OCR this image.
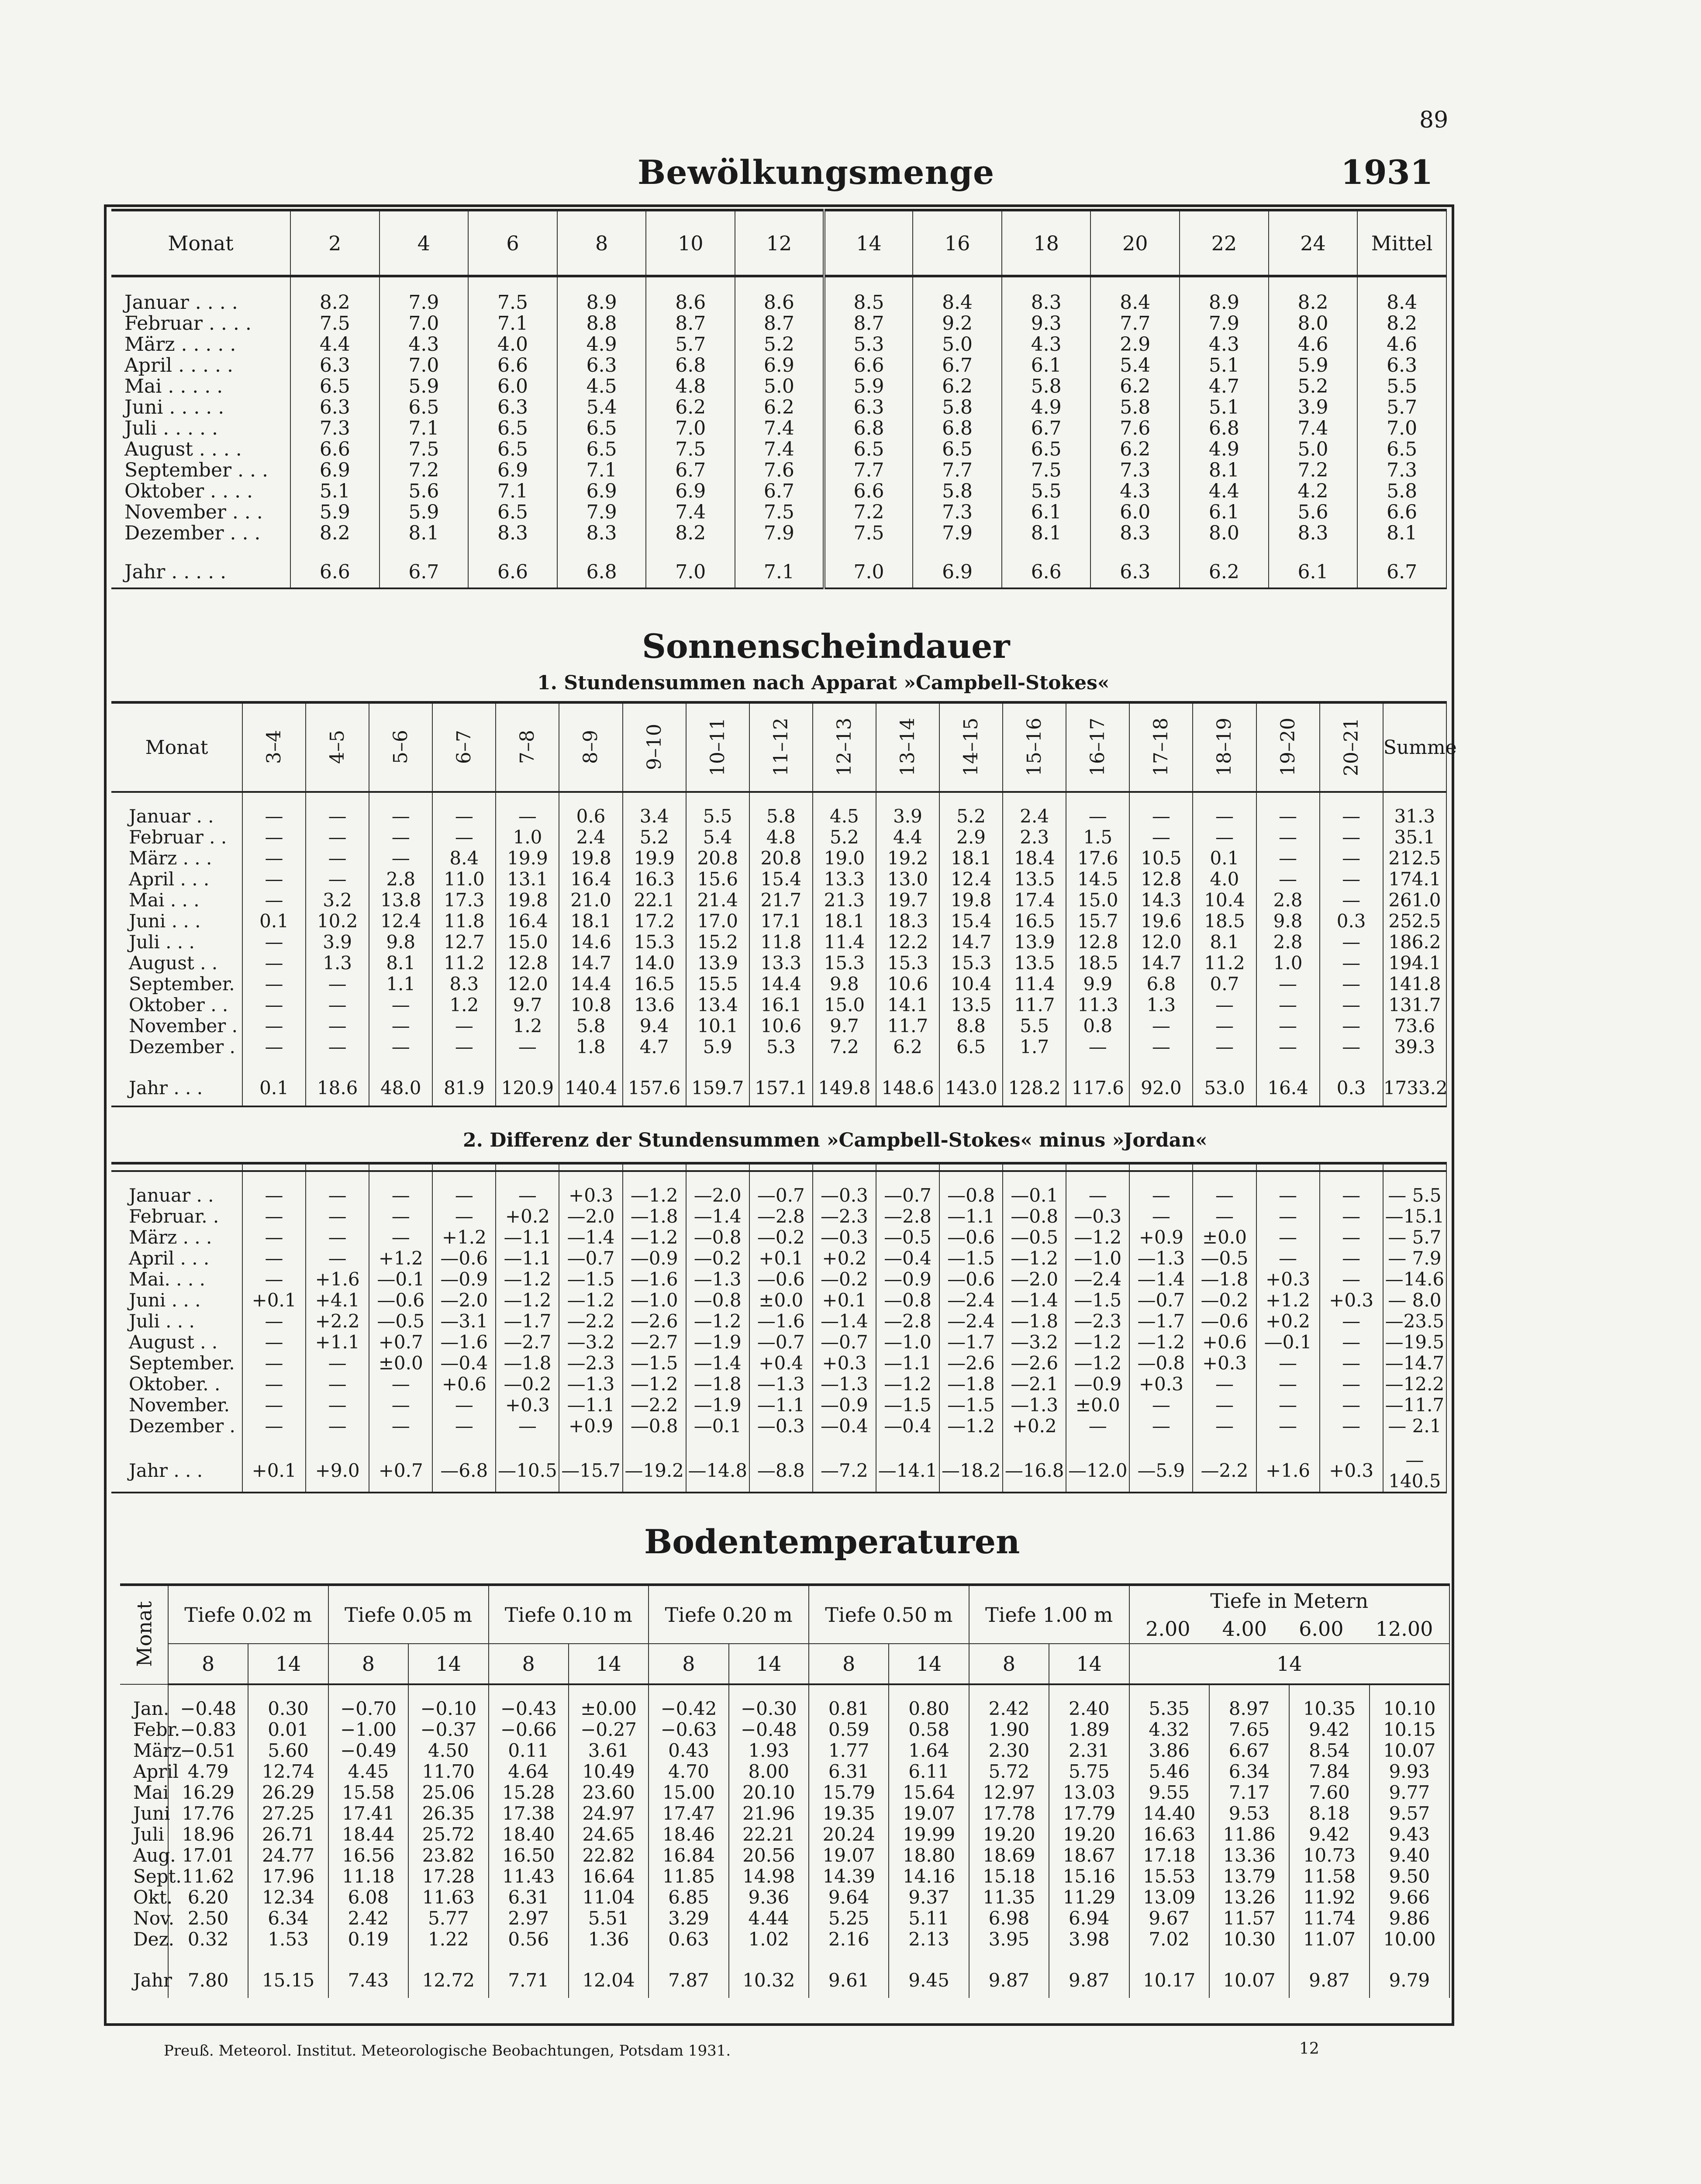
89
Bewölkungsmenge	1931
Monat	2	4	6	8	10	12	14	16	18	20	22	24	Mittel
Januar . . . .	8.2	7.9	7.5	8.9	8.6	8.6	8.5	8.4	8.3	8.4	8.9	8.2	8.4
Februar . . . .	7.5	7.0	7.1	8.8	8.7	8.7	8.7	9.2	9.3	7.7	7.9	8.0	8.2
März . . . . .	4.4	4.3	4.0	4.9	5.7	5.2	5.3	5.0	4.3	2.9	4.3	4.6	4.6
April . . . . .	6.3	7.0	6.6	6.3	6.8	6.9	6.6	6.7	6.1	5.4	5.1	5.9	6.3
Mai . . . . .	6.5	5.9	6.0	4.5	4.8	5.0	5.9	6.2	5.8	6.2	4.7	5.2	5.5
Juni . . . . .	6.3	6.5	6.3	5.4	6.2	6.2	6.3	5.8	4.9	5.8	5.1	3.9	5.7
Juli . . . . .	7.3	7.1	6.5	6.5	7.0	7.4	6.8	6.8	6.7	7.6	6.8	7.4	7.0
August . . . .	6.6	7.5	6.5	6.5	7.5	7.4	6.5	6.5	6.5	6.2	4.9	5.0	6.5
September . . .	6.9	7.2	6.9	7.1	6.7	7.6	7.7	7.7	7.5	7.3	8.1	7.2	7.3
Oktober . . . .	5.1	5.6	7.1	6.9	6.9	6.7	6.6	5.8	5.5	4.3	4.4	4.2	5.8
November . . .	5.9	5.9	6.5	7.9	7.4	7.5	7.2	7.3	6.1	6.0	6.1	5.6	6.6
Dezember . . .	8.2	8.1	8.3	8.3	8.2	7.9	7.5	7.9	8.1	8.3	8.0	8.3	8.1

Jahr . . . . .	6.6	6.7	6.6	6.8	7.0	7.1	7.0	6.9	6.6	6.3	6.2	6.1	6.7
Sonnenscheindauer
1. Stundensummen nach Apparat »Campbell-Stokes«
Monat	3–4	4–5	5–6	6–7	7–8	8–9	9–10	10–11	11–12	12–13	13–14	14–15	15–16	16–17	17–18	18–19	19–20	20–21	Summe

Januar . .	—	—	—	—	—	0.6	3.4	5.5	5.8	4.5	3.9	5.2	2.4	—	—	—	—	—	31.3
Februar . .	—	—	—	—	1.0	2.4	5.2	5.4	4.8	5.2	4.4	2.9	2.3	1.5	—	—	—	—	35.1
März . . .	—	—	—	8.4	19.9	19.8	19.9	20.8	20.8	19.0	19.2	18.1	18.4	17.6	10.5	0.1	—	—	212.5
April . . .	—	—	2.8	11.0	13.1	16.4	16.3	15.6	15.4	13.3	13.0	12.4	13.5	14.5	12.8	4.0	—	—	174.1
Mai . . .	—	3.2	13.8	17.3	19.8	21.0	22.1	21.4	21.7	21.3	19.7	19.8	17.4	15.0	14.3	10.4	2.8	—	261.0
Juni . . .	0.1	10.2	12.4	11.8	16.4	18.1	17.2	17.0	17.1	18.1	18.3	15.4	16.5	15.7	19.6	18.5	9.8	0.3	252.5
Juli . . .	—	3.9	9.8	12.7	15.0	14.6	15.3	15.2	11.8	11.4	12.2	14.7	13.9	12.8	12.0	8.1	2.8	—	186.2
August . .	—	1.3	8.1	11.2	12.8	14.7	14.0	13.9	13.3	15.3	15.3	15.3	13.5	18.5	14.7	11.2	1.0	—	194.1
September.	—	—	1.1	8.3	12.0	14.4	16.5	15.5	14.4	9.8	10.6	10.4	11.4	9.9	6.8	0.7	—	—	141.8
Oktober . .	—	—	—	1.2	9.7	10.8	13.6	13.4	16.1	15.0	14.1	13.5	11.7	11.3	1.3	—	—	—	131.7
November .	—	—	—	—	1.2	5.8	9.4	10.1	10.6	9.7	11.7	8.8	5.5	0.8	—	—	—	—	73.6
Dezember .	—	—	—	—	—	1.8	4.7	5.9	5.3	7.2	6.2	6.5	1.7	—	—	—	—	—	39.3

Jahr . . .	0.1	18.6	48.0	81.9	120.9	140.4	157.6	159.7	157.1	149.8	148.6	143.0	128.2	117.6	92.0	53.0	16.4	0.3	1733.2
2. Differenz der Stundensummen »Campbell-Stokes« minus »Jordan«

Januar . .	—	—	—	—	—	+0.3	—1.2	—2.0	—0.7	—0.3	—0.7	—0.8	—0.1	—	—	—	—	—	— 5.5
Februar. .	—	—	—	—	+0.2	—2.0	—1.8	—1.4	—2.8	—2.3	—2.8	—1.1	—0.8	—0.3	—	—	—	—	—15.1
März . . .	—	—	—	+1.2	—1.1	—1.4	—1.2	—0.8	—0.2	—0.3	—0.5	—0.6	—0.5	—1.2	+0.9	±0.0	—	—	— 5.7
April . . .	—	—	+1.2	—0.6	—1.1	—0.7	—0.9	—0.2	+0.1	+0.2	—0.4	—1.5	—1.2	—1.0	—1.3	—0.5	—	—	— 7.9
Mai. . . .	—	+1.6	—0.1	—0.9	—1.2	—1.5	—1.6	—1.3	—0.6	—0.2	—0.9	—0.6	—2.0	—2.4	—1.4	—1.8	+0.3	—	—14.6
Juni . . .	+0.1	+4.1	—0.6	—2.0	—1.2	—1.2	—1.0	—0.8	±0.0	+0.1	—0.8	—2.4	—1.4	—1.5	—0.7	—0.2	+1.2	+0.3	— 8.0
Juli . . .	—	+2.2	—0.5	—3.1	—1.7	—2.2	—2.6	—1.2	—1.6	—1.4	—2.8	—2.4	—1.8	—2.3	—1.7	—0.6	+0.2	—	—23.5
August . .	—	+1.1	+0.7	—1.6	—2.7	—3.2	—2.7	—1.9	—0.7	—0.7	—1.0	—1.7	—3.2	—1.2	—1.2	+0.6	—0.1	—	—19.5
September.	—	—	±0.0	—0.4	—1.8	—2.3	—1.5	—1.4	+0.4	+0.3	—1.1	—2.6	—2.6	—1.2	—0.8	+0.3	—	—	—14.7
Oktober. .	—	—	—	+0.6	—0.2	—1.3	—1.2	—1.8	—1.3	—1.3	—1.2	—1.8	—2.1	—0.9	+0.3	—	—	—	—12.2
November.	—	—	—	—	+0.3	—1.1	—2.2	—1.9	—1.1	—0.9	—1.5	—1.5	—1.3	±0.0	—	—	—	—	—11.7
Dezember .	—	—	—	—	—	+0.9	—0.8	—0.1	—0.3	—0.4	—0.4	—1.2	+0.2	—	—	—	—	—	— 2.1

Jahr . . .	+0.1	+9.0	+0.7	—6.8	—10.5	—15.7	—19.2	—14.8	—8.8	—7.2	—14.1	—18.2	—16.8	—12.0	—5.9	—2.2	+1.6	+0.3	—140.5
Bodentemperaturen
Monat	Tiefe 0.02 m		Tiefe 0.05 m		Tiefe 0.10 m		Tiefe 0.20 m		Tiefe 0.50 m		Tiefe 1.00 m		Tiefe in Metern
2.00 4.00 6.00 12.00			

	8	14	8	14	8	14	8	14	8	14	8	14	14			

Jan.	−0.48	0.30	−0.70	−0.10	−0.43	±0.00	−0.42	−0.30	0.81	0.80	2.42	2.40	5.35	8.97	10.35	10.10
Febr.	−0.83	0.01	−1.00	−0.37	−0.66	−0.27	−0.63	−0.48	0.59	0.58	1.90	1.89	4.32	7.65	9.42	10.15
März	−0.51	5.60	−0.49	4.50	0.11	3.61	0.43	1.93	1.77	1.64	2.30	2.31	3.86	6.67	8.54	10.07
April	4.79	12.74	4.45	11.70	4.64	10.49	4.70	8.00	6.31	6.11	5.72	5.75	5.46	6.34	7.84	9.93
Mai	16.29	26.29	15.58	25.06	15.28	23.60	15.00	20.10	15.79	15.64	12.97	13.03	9.55	7.17	7.60	9.77
Juni	17.76	27.25	17.41	26.35	17.38	24.97	17.47	21.96	19.35	19.07	17.78	17.79	14.40	9.53	8.18	9.57
Juli	18.96	26.71	18.44	25.72	18.40	24.65	18.46	22.21	20.24	19.99	19.20	19.20	16.63	11.86	9.42	9.43
Aug.	17.01	24.77	16.56	23.82	16.50	22.82	16.84	20.56	19.07	18.80	18.69	18.67	17.18	13.36	10.73	9.40
Sept.	11.62	17.96	11.18	17.28	11.43	16.64	11.85	14.98	14.39	14.16	15.18	15.16	15.53	13.79	11.58	9.50
Okt.	6.20	12.34	6.08	11.63	6.31	11.04	6.85	9.36	9.64	9.37	11.35	11.29	13.09	13.26	11.92	9.66
Nov.	2.50	6.34	2.42	5.77	2.97	5.51	3.29	4.44	5.25	5.11	6.98	6.94	9.67	11.57	11.74	9.86
Dez.	0.32	1.53	0.19	1.22	0.56	1.36	0.63	1.02	2.16	2.13	3.95	3.98	7.02	10.30	11.07	10.00

Jahr	7.80	15.15	7.43	12.72	7.71	12.04	7.87	10.32	9.61	9.45	9.87	9.87	10.17	10.07	9.87	9.79
Preuß. Meteorol. Institut. Meteorologische Beobachtungen, Potsdam 1931.	12
